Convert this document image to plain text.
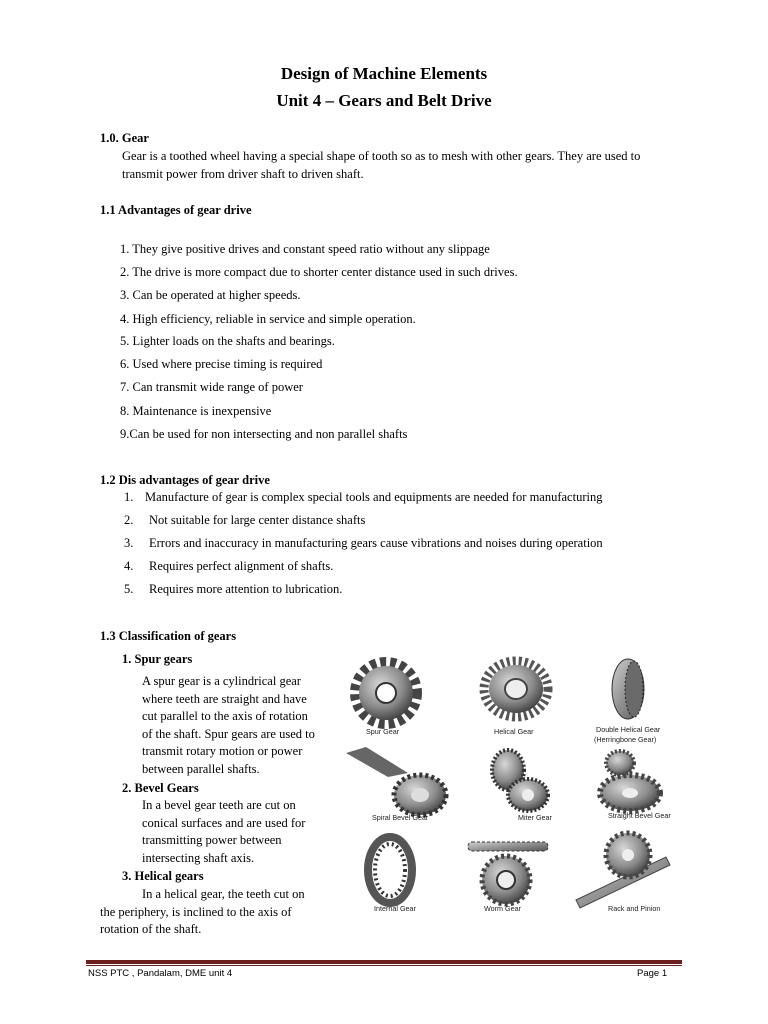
Design of Machine Elements
Unit 4 – Gears and Belt Drive

1.0. Gear

Gear is a toothed wheel having a special shape of tooth so as to mesh with other gears. They are used to transmit power from driver shaft to driven shaft.

1.1 Advantages of gear drive

1. They give positive drives and constant speed ratio without any slippage

2. The drive is more compact due to shorter center distance used in such drives.

3. Can be operated at higher speeds.

4. High efficiency, reliable in service and simple operation.

5. Lighter loads on the shafts and bearings.

6. Used where precise timing is required

7. Can transmit wide range of power

8. Maintenance is inexpensive

9.Can be used for non intersecting and non parallel shafts

1.2 Dis advantages of gear drive

1. Manufacture of gear is complex special tools and equipments are needed for manufacturing

2. Not suitable for large center distance shafts

3. Errors and inaccuracy in manufacturing gears cause vibrations and noises during operation

4. Requires perfect alignment of shafts.

5. Requires more attention to lubrication.

1.3 Classification of gears

1. Spur gears

A spur gear is a cylindrical gear where teeth are straight and have cut parallel to the axis of rotation of the shaft. Spur gears are used to transmit rotary motion or power between parallel shafts.

2. Bevel Gears

In a bevel gear teeth are cut on conical surfaces and are used for transmitting power between intersecting shaft axis.

3. Helical gears

In a helical gear, the teeth cut on

the periphery, is inclined to the axis of

rotation of the shaft.

Spur Gear	Helical Gear	Double Helical Gear
(Herringbone Gear)
Spiral Bevel Gear	Miter Gear	Straight Bevel Gear
Internal Gear	Worm Gear	Rack and Pinion
NSS PTC , Pandalam, DME unit 4	Page 1
